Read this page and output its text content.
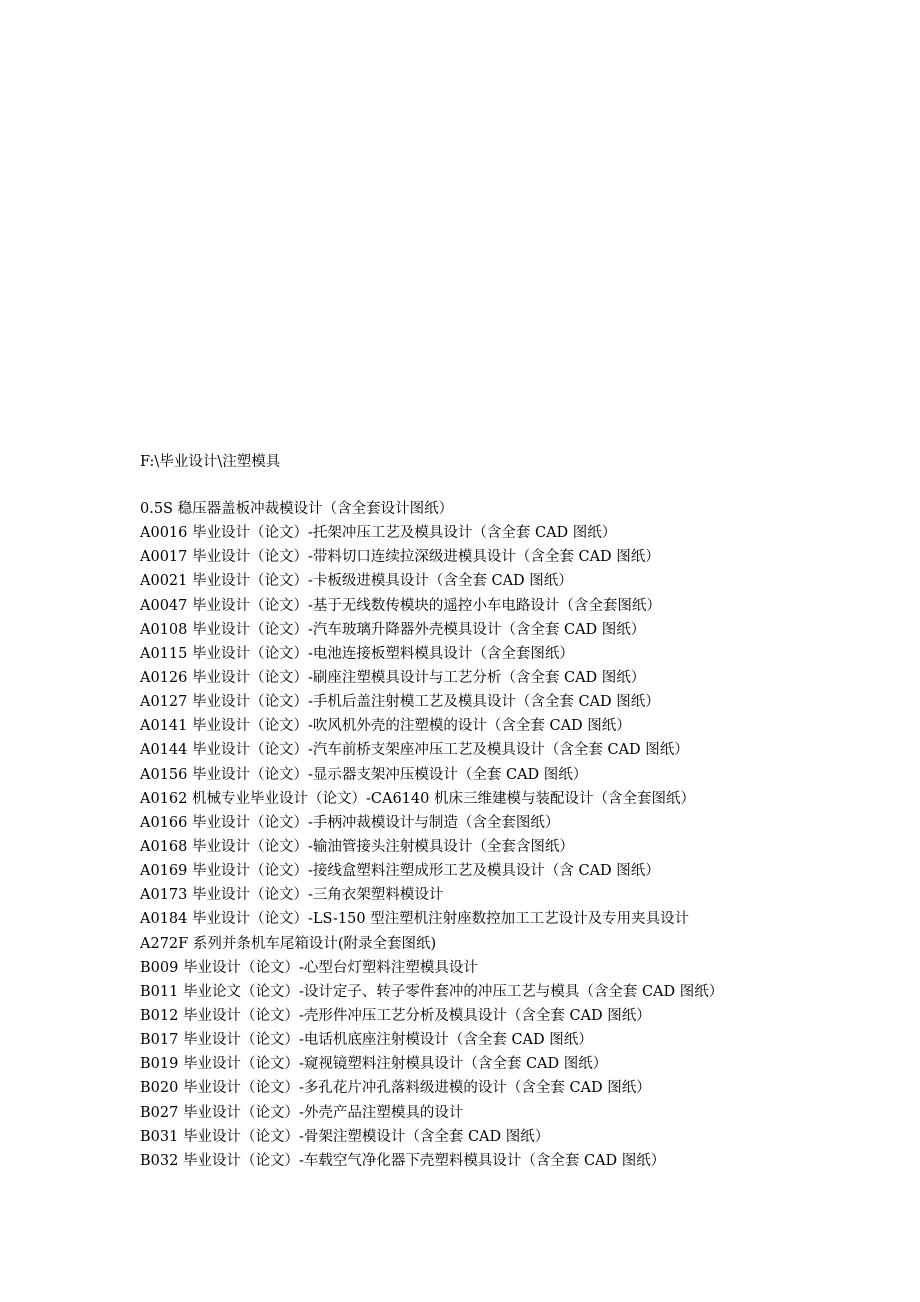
F:\毕业设计\注塑模具
0.5S 稳压器盖板冲裁模设计（含全套设计图纸）
A0016 毕业设计（论文）-托架冲压工艺及模具设计（含全套 CAD 图纸）
A0017 毕业设计（论文）-带料切口连续拉深级进模具设计（含全套 CAD 图纸）
A0021 毕业设计（论文）-卡板级进模具设计（含全套 CAD 图纸）
A0047 毕业设计（论文）-基于无线数传模块的遥控小车电路设计（含全套图纸）
A0108 毕业设计（论文）-汽车玻璃升降器外壳模具设计（含全套 CAD 图纸）
A0115 毕业设计（论文）-电池连接板塑料模具设计（含全套图纸）
A0126 毕业设计（论文）-刷座注塑模具设计与工艺分析（含全套 CAD 图纸）
A0127 毕业设计（论文）-手机后盖注射模工艺及模具设计（含全套 CAD 图纸）
A0141 毕业设计（论文）-吹风机外壳的注塑模的设计（含全套 CAD 图纸）
A0144 毕业设计（论文）-汽车前桥支架座冲压工艺及模具设计（含全套 CAD 图纸）
A0156 毕业设计（论文）-显示器支架冲压模设计（全套 CAD 图纸）
A0162 机械专业毕业设计（论文）-CA6140 机床三维建模与装配设计（含全套图纸）
A0166 毕业设计（论文）-手柄冲裁模设计与制造（含全套图纸）
A0168 毕业设计（论文）-输油管接头注射模具设计（全套含图纸）
A0169 毕业设计（论文）-接线盒塑料注塑成形工艺及模具设计（含 CAD 图纸）
A0173 毕业设计（论文）-三角衣架塑料模设计
A0184 毕业设计（论文）-LS-150 型注塑机注射座数控加工工艺设计及专用夹具设计
A272F 系列并条机车尾箱设计(附录全套图纸)
B009 毕业设计（论文）-心型台灯塑料注塑模具设计
B011 毕业论文（论文）-设计定子、转子零件套冲的冲压工艺与模具（含全套 CAD 图纸）
B012 毕业设计（论文）-壳形件冲压工艺分析及模具设计（含全套 CAD 图纸）
B017 毕业设计（论文）-电话机底座注射模设计（含全套 CAD 图纸）
B019 毕业设计（论文）-窥视镜塑料注射模具设计（含全套 CAD 图纸）
B020 毕业设计（论文）-多孔花片冲孔落料级进模的设计（含全套 CAD 图纸）
B027 毕业设计（论文）-外壳产品注塑模具的设计
B031 毕业设计（论文）-骨架注塑模设计（含全套 CAD 图纸）
B032 毕业设计（论文）-车载空气净化器下壳塑料模具设计（含全套 CAD 图纸）
